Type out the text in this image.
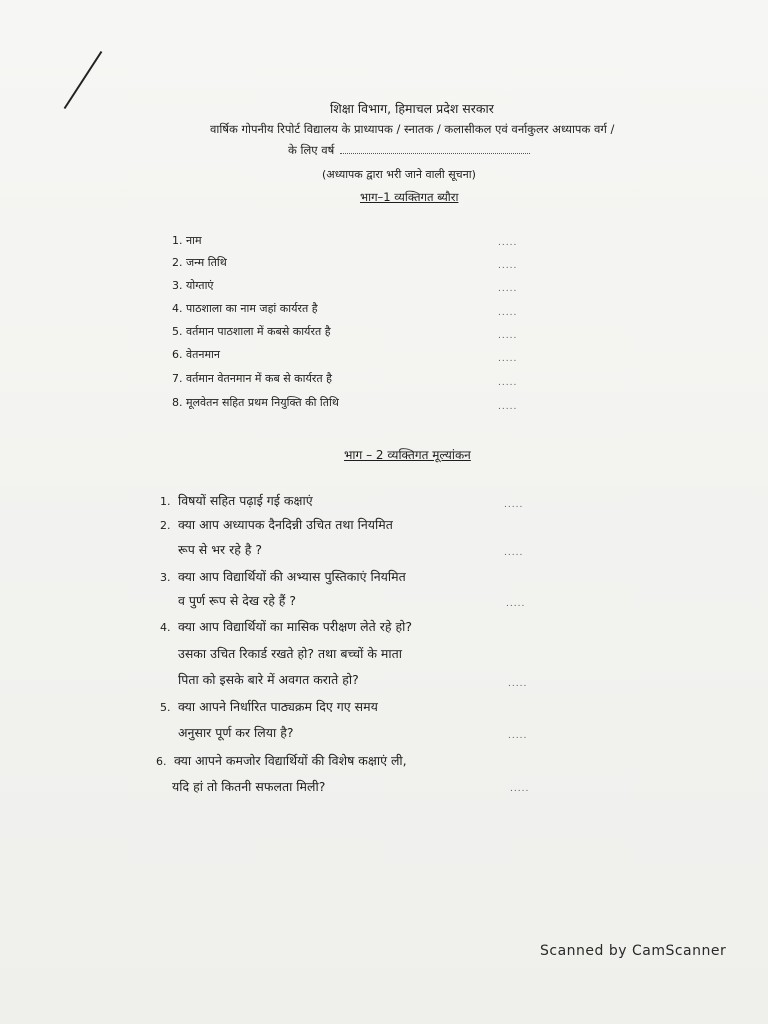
शिक्षा विभाग, हिमाचल प्रदेश सरकार
वार्षिक गोपनीय रिपोर्ट विद्यालय के प्राध्यापक / स्नातक / कलासीकल एवं वर्नाकुलर अध्यापक वर्ग /
के लिए वर्ष
(अध्यापक द्वारा भरी जाने वाली सूचना)
भाग–1 व्यक्तिगत ब्यौरा
1. नाम
2. जन्म तिथि
3. योग्ताएं
4. पाठशाला का नाम जहां कार्यरत है
5. वर्तमान पाठशाला में कबसे कार्यरत है
6. वेतनमान
7. वर्तमान वेतनमान में कब से कार्यरत है
8. मूलवेतन सहित प्रथम नियुक्ति की तिथि
.....
.....
.....
.....
.....
.....
.....
.....
भाग – 2 व्यक्तिगत मूल्यांकन
1. विषयों सहित पढ़ाई गई कक्षाएं
2. क्या आप अध्यापक दैनदिन्नी उचित तथा नियमित
रूप से भर रहे है ?
3. क्या आप विद्यार्थियों की अभ्यास पुस्तिकाएं नियमित
व पुर्ण रूप से देख रहे हैं ?
4. क्या आप विद्यार्थियों का मासिक परीक्षण लेते रहे हो?
उसका उचित रिकार्ड रखते हो? तथा बच्चों के माता
पिता को इसके बारे में अवगत कराते हो?
5. क्या आपने निर्धारित पाठ्यक्रम दिए गए समय
अनुसार पूर्ण कर लिया है?
6. क्या आपने कमजोर विद्यार्थियों की विशेष कक्षाएं ली,
यदि हां तो कितनी सफलता मिली?
.....
.....
.....
.....
.....
.....
Scanned by CamScanner
